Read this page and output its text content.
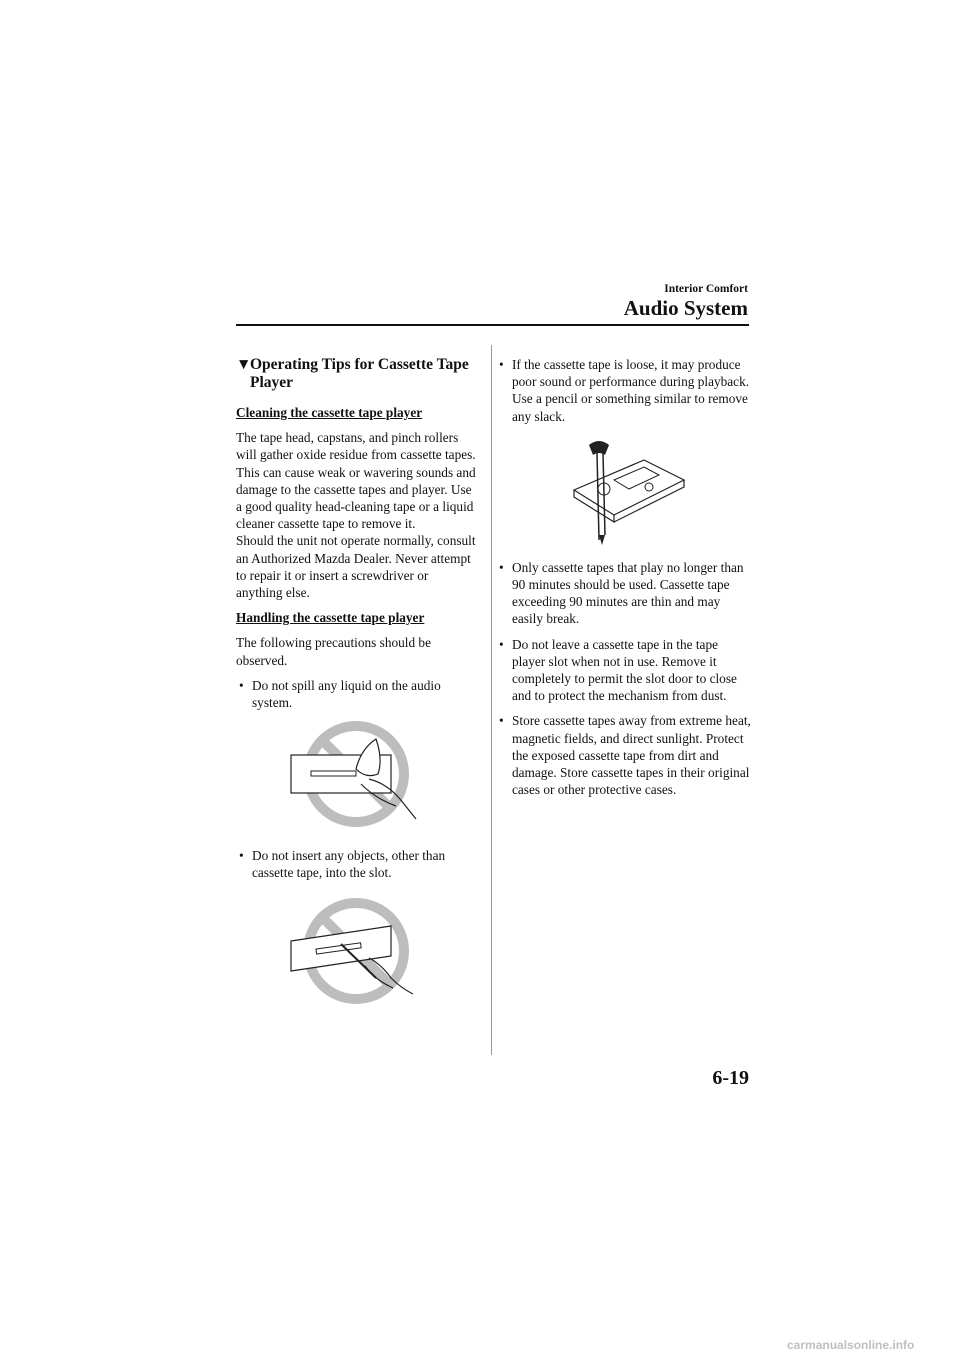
Interior Comfort
Audio System
▼
Operating Tips for Cassette Tape Player

Cleaning the cassette tape player

The tape head, capstans, and pinch rollers will gather oxide residue from cassette tapes. This can cause weak or wavering sounds and damage to the cassette tapes and player. Use a good quality head-cleaning tape or a liquid cleaner cassette tape to remove it.

Should the unit not operate normally, consult an Authorized Mazda Dealer. Never attempt to repair it or insert a screwdriver or anything else.

Handling the cassette tape player

The following precautions should be observed.

• Do not spill any liquid on the audio system.
• Do not insert any objects, other than cassette tape, into the slot.
• If the cassette tape is loose, it may produce poor sound or performance during playback. Use a pencil or something similar to remove any slack.
• Only cassette tapes that play no longer than 90 minutes should be used. Cassette tape exceeding 90 minutes are thin and may easily break.
• Do not leave a cassette tape in the tape player slot when not in use. Remove it completely to permit the slot door to close and to protect the mechanism from dust.
• Store cassette tapes away from extreme heat, magnetic fields, and direct sunlight. Protect the exposed cassette tape from dirt and damage. Store cassette tapes in their original cases or other protective cases.
6-19
carmanualsonline.info
